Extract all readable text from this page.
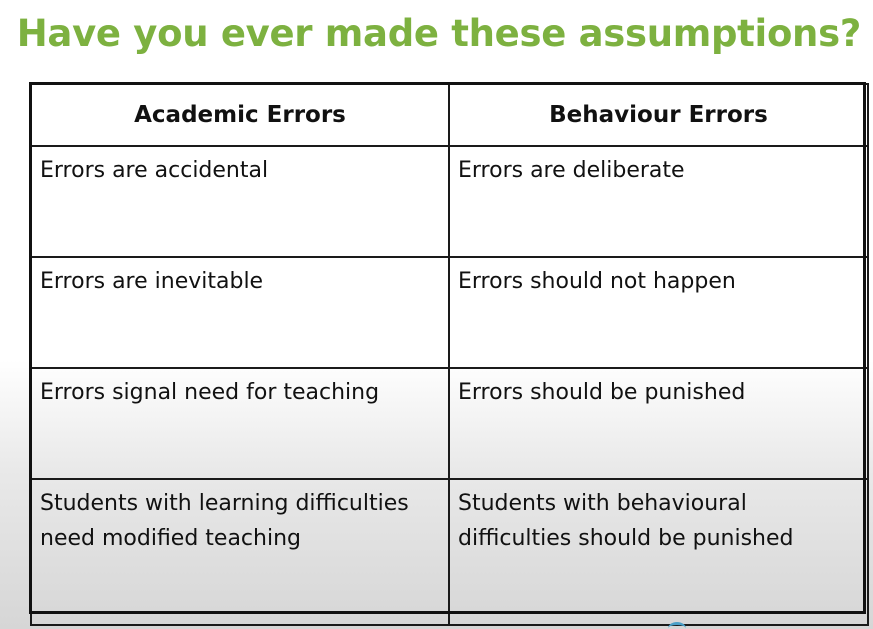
Have you ever made these assumptions?
Academic Errors	Behaviour Errors
Errors are accidental	Errors are deliberate
Errors are inevitable	Errors should not happen
Errors signal need for teaching	Errors should be punished
Students with learning difficulties need modified teaching	Students with behavioural difficulties should be punished
